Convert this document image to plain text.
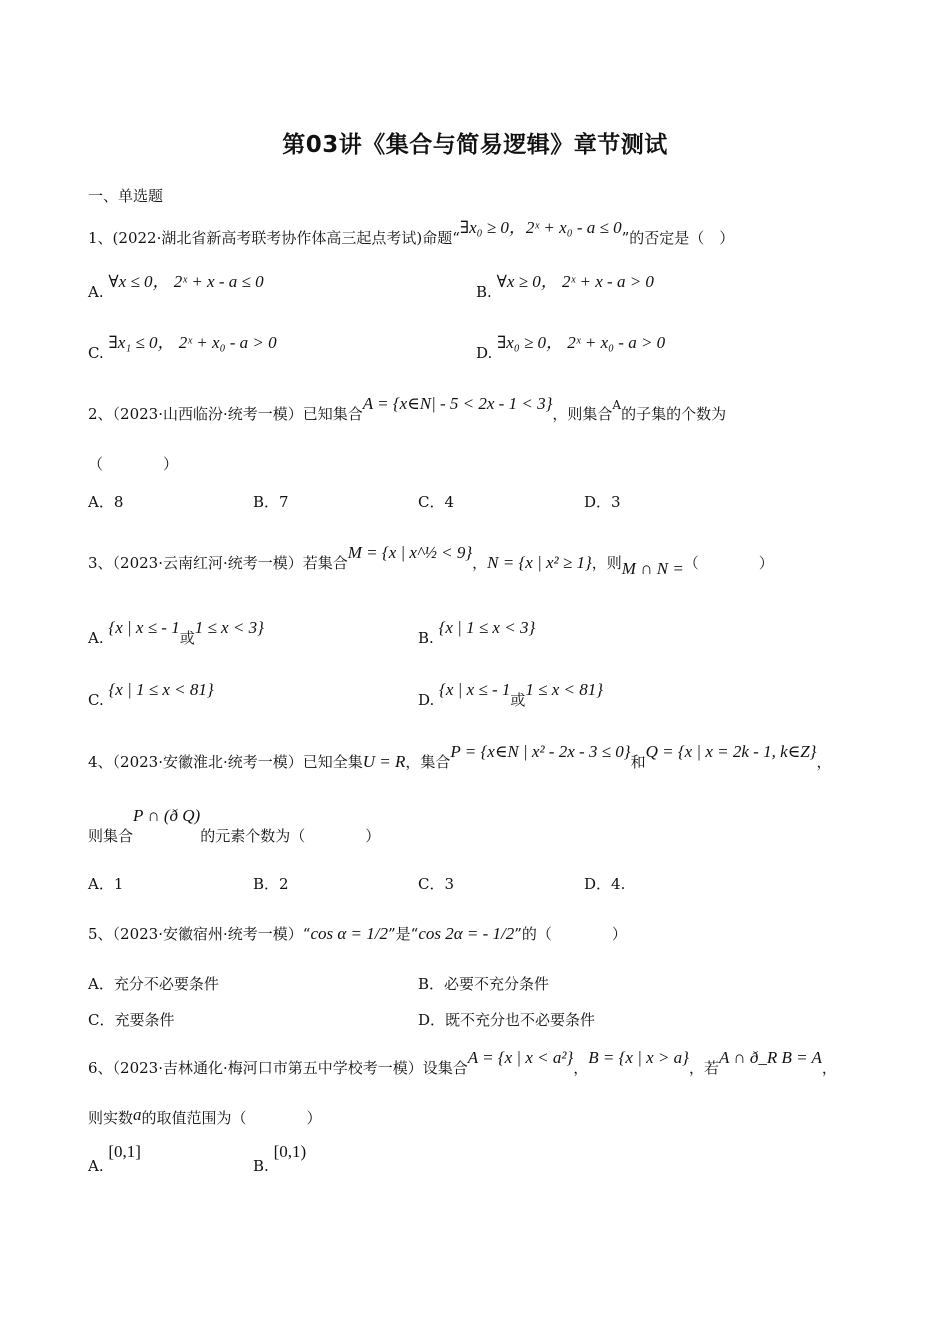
第03讲《集合与简易逻辑》章节测试
一、单选题
1、(2022·湖北省新高考联考协作体高三起点考试)命题“∃x₀ ≥ 0，2ˣ + x₀ - a ≤ 0”的否定是（　）
A. ∀x ≤ 0， 2ˣ + x - a ≤ 0
B. ∀x ≥ 0， 2ˣ + x - a > 0
C. ∃x₁ ≤ 0， 2ˣ + x₀ - a > 0
D. ∃x₀ ≥ 0， 2ˣ + x₀ - a > 0
2、（2023·山西临汾·统考一模）已知集合A = {x∈N| - 5 < 2x - 1 < 3}，则集合$^A$的子集的个数为
（　　　　）
A．8	B．7	C．4	D．3
3、（2023·云南红河·统考一模）若集合M = {x | x^½ < 9}，N = {x | x² ≥ 1}，则M ∩ N =（　　　　）
A. {x | x ≤ - 1或1 ≤ x < 3}
B. {x | 1 ≤ x < 3}
C. {x | 1 ≤ x < 81}
D. {x | x ≤ - 1或1 ≤ x < 81}
4、（2023·安徽淮北·统考一模）已知全集U = R，集合P = {x∈N | x² - 2x - 3 ≤ 0}和Q = {x | x = 2k - 1, k∈Z}，
则集合P ∩ (ð Q)的元素个数为（　　　　）
A．1	B．2	C．3	D．4.
5、（2023·安徽宿州·统考一模）“cos α = 1/2”是“cos 2α = - 1/2”的（　　　　）
A．充分不必要条件	B．必要不充分条件
C．充要条件	D．既不充分也不必要条件
6、（2023·吉林通化·梅河口市第五中学校考一模）设集合A = {x | x < a²}，B = {x | x > a}，若A ∩ ð_R B = A，
则实数a的取值范围为（　　　　）
A. [0,1]
B. [0,1)
